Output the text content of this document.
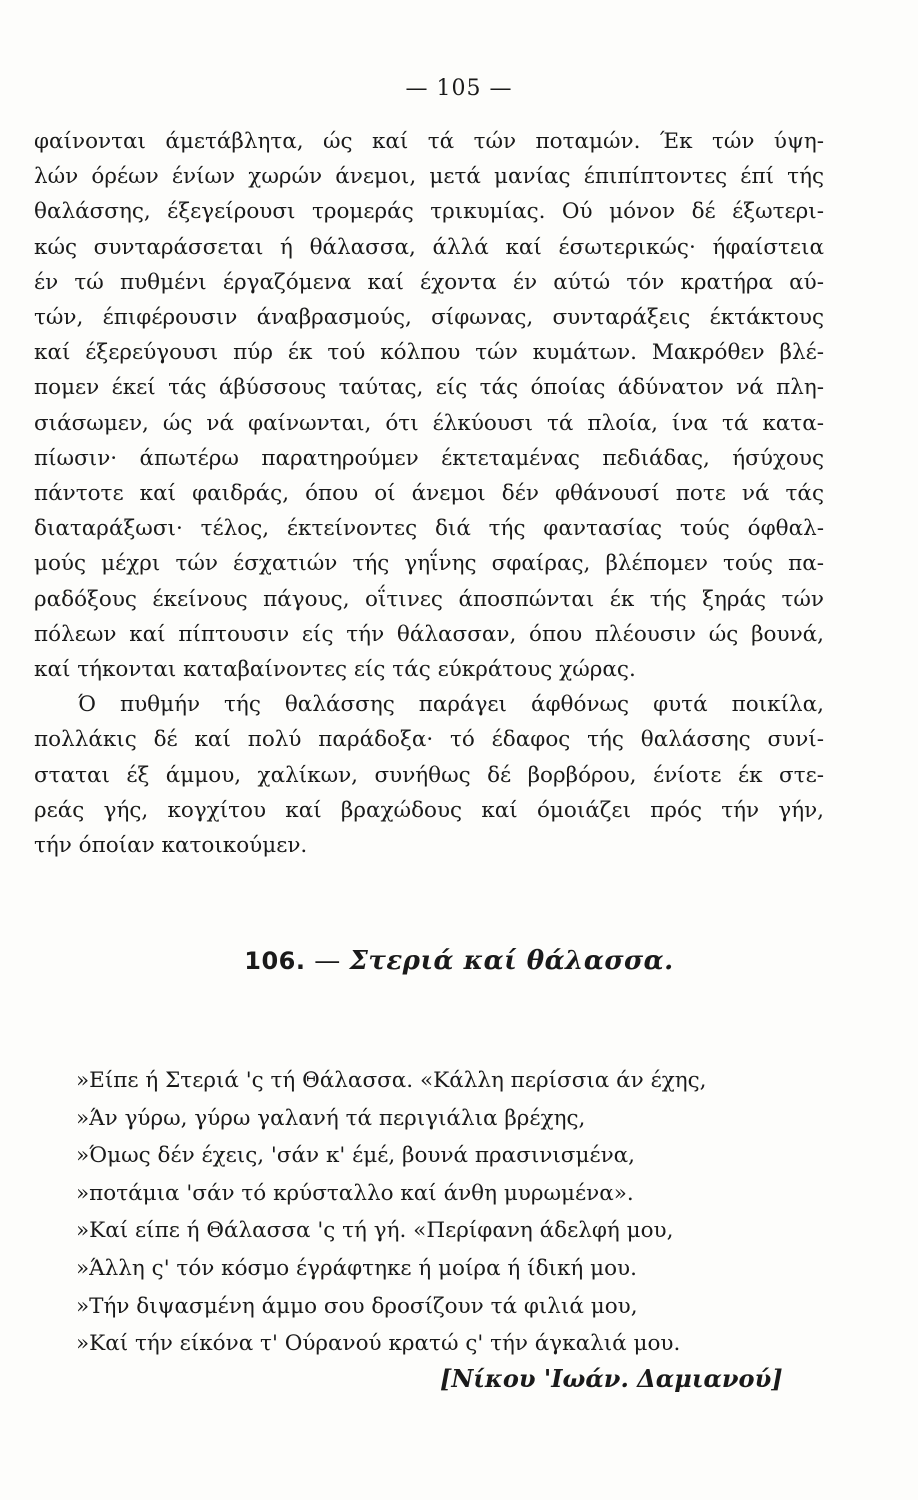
— 105 —
φαίνονται άμετάβλητα, ώς καί τά τών ποταμών. Έκ τών ύψη-
λών όρέων ένίων χωρών άνεμοι, μετά μανίας έπιπίπτοντες έπί τής
θαλάσσης, έξεγείρουσι τρομεράς τρικυμίας. Ού μόνον δέ έξωτερι-
κώς συνταράσσεται ή θάλασσα, άλλά καί έσωτερικώς· ήφαίστεια
έν τώ πυθμένι έργαζόμενα καί έχοντα έν αύτώ τόν κρατήρα αύ-
τών, έπιφέρουσιν άναβρασμούς, σίφωνας, συνταράξεις έκτάκτους
καί έξερεύγουσι πύρ έκ τού κόλπου τών κυμάτων. Μακρόθεν βλέ-
πομεν έκεί τάς άβύσσους ταύτας, είς τάς όποίας άδύνατον νά πλη-
σιάσωμεν, ώς νά φαίνωνται, ότι έλκύουσι τά πλοία, ίνα τά κατα-
πίωσιν· άπωτέρω παρατηρούμεν έκτεταμένας πεδιάδας, ήσύχους
πάντοτε καί φαιδράς, όπου οί άνεμοι δέν φθάνουσί ποτε νά τάς
διαταράξωσι· τέλος, έκτείνοντες διά τής φαντασίας τούς όφθαλ-
μούς μέχρι τών έσχατιών τής γηΐνης σφαίρας, βλέπομεν τούς πα-
ραδόξους έκείνους πάγους, οΐτινες άποσπώνται έκ τής ξηράς τών
πόλεων καί πίπτουσιν είς τήν θάλασσαν, όπου πλέουσιν ώς βουνά,
καί τήκονται καταβαίνοντες είς τάς εύκράτους χώρας.
Ό πυθμήν τής θαλάσσης παράγει άφθόνως φυτά ποικίλα,
πολλάκις δέ καί πολύ παράδοξα· τό έδαφος τής θαλάσσης συνί-
σταται έξ άμμου, χαλίκων, συνήθως δέ βορβόρου, ένίοτε έκ στε-
ρεάς γής, κογχίτου καί βραχώδους καί όμοιάζει πρός τήν γήν,
τήν όποίαν κατοικούμεν.
106. — Στεριά καί θάλασσα.
»Είπε ή Στεριά 'ς τή Θάλασσα. «Κάλλη περίσσια άν έχης,
»Άν γύρω, γύρω γαλανή τά περιγιάλια βρέχης,
»Όμως δέν έχεις, 'σάν κ' έμέ, βουνά πρασινισμένα,
»ποτάμια 'σάν τό κρύσταλλο καί άνθη μυρωμένα».
»Καί είπε ή Θάλασσα 'ς τή γή. «Περίφανη άδελφή μου,
»Άλλη ς' τόν κόσμο έγράφτηκε ή μοίρα ή ίδική μου.
»Τήν διψασμένη άμμο σου δροσίζουν τά φιλιά μου,
»Καί τήν είκόνα τ' Ούρανού κρατώ ς' τήν άγκαλιά μου.
[Νίκου 'Ιωάν. Δαμιανού]
